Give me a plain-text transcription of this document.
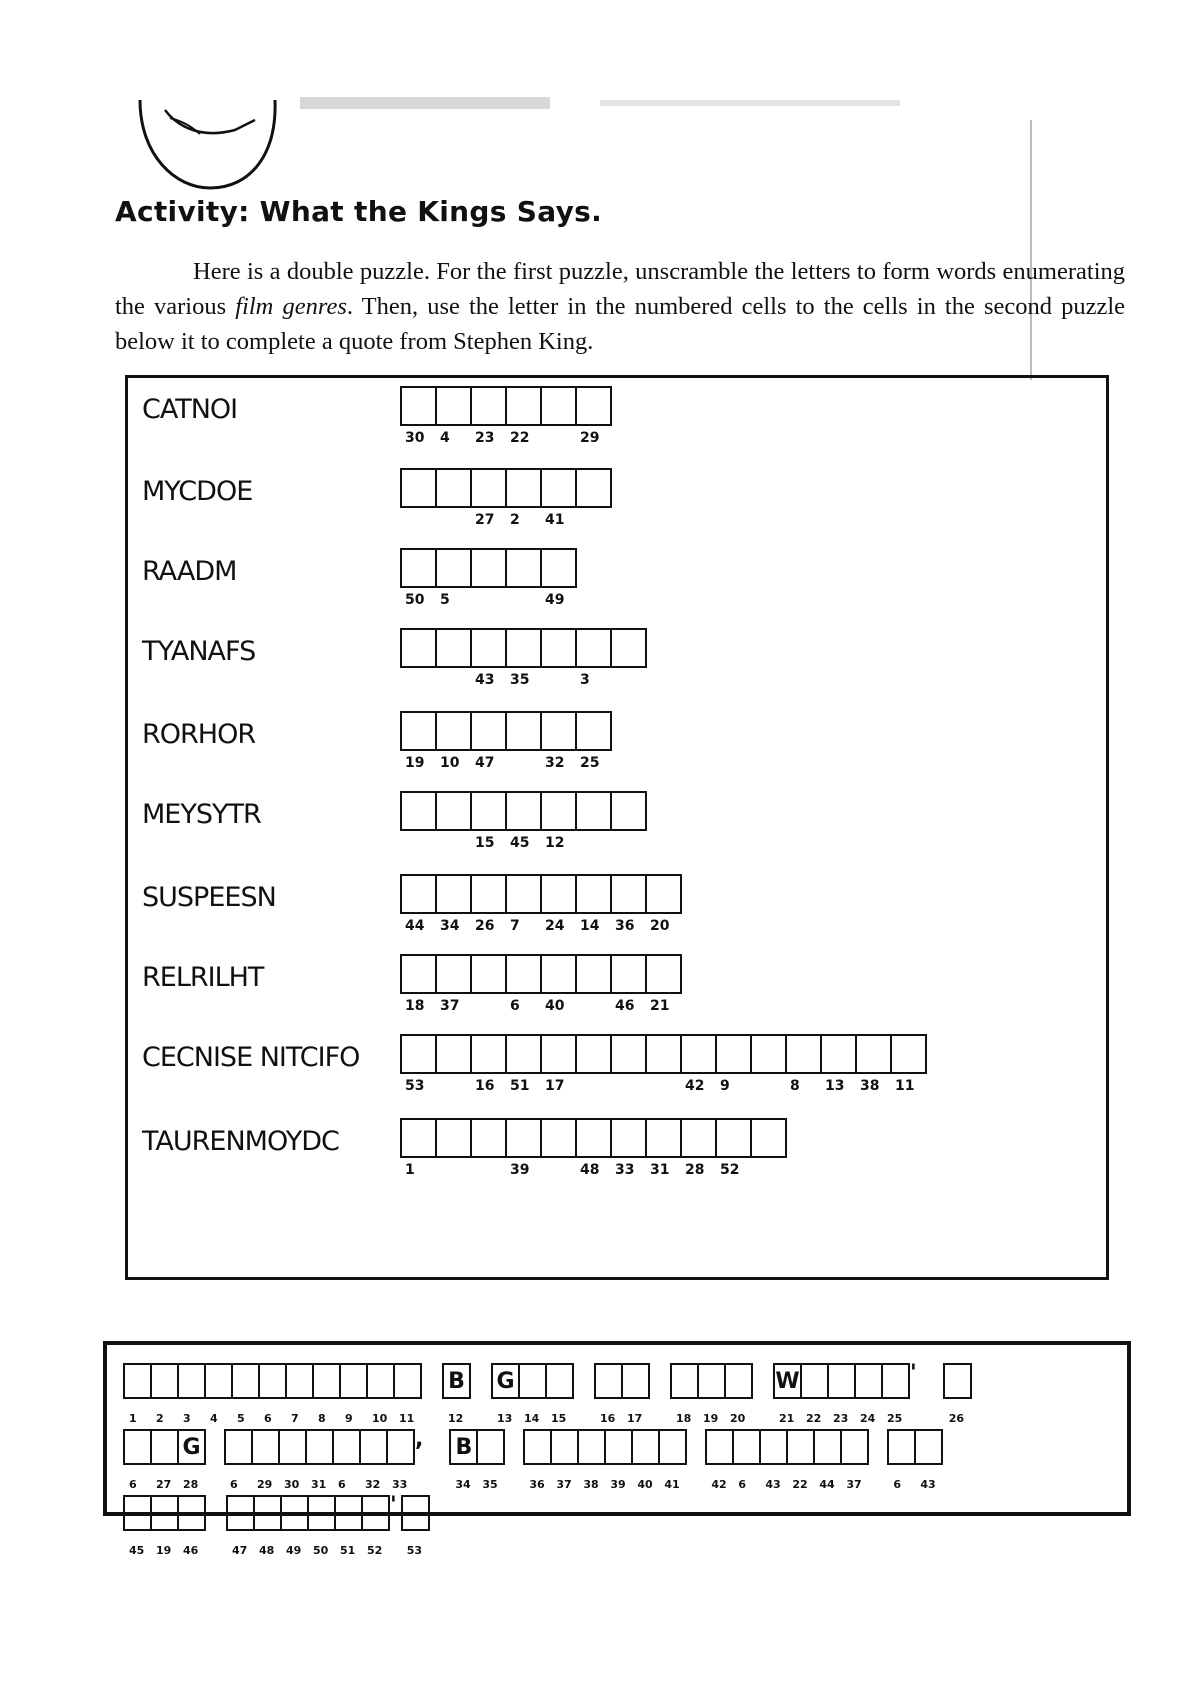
Activity: What the Kings Says.

Here is a double puzzle. For the first puzzle, unscramble the letters to form words enumerating the various film genres. Then, use the letter in the numbered cells to the cells in the second puzzle below it to complete a quote from Stephen King.

CATNOI
30 4 23 22	29
MYCDOE
27 2 41
RAADM
50 5	49
TYANAFS
43 35	3
RORHOR
19 10 47	32 25
MEYSYTR
15 45 12
SUSPEESN
44 34 26 7 24 14 36 20
RELRILHT
18 37	6 40	46 21
CECNISE NITCIFO
53	16 51 17	42 9	8 13 38 11
TAURENMOYDC
1	39	48 33 31 28 52
1 2 3 4 5 6 7 8 9 10 11
B
12
G
13 14 15	16 17	18 19 20
W
21 22 23 24 25
'
26
6 27
G
28	6 29 30 31 6 32 33
, B
34 35	36 37 38 39 40 41	42 6 43 22 44 37	6 43
45 19 46	47 48 49 50 51 52
'
53
